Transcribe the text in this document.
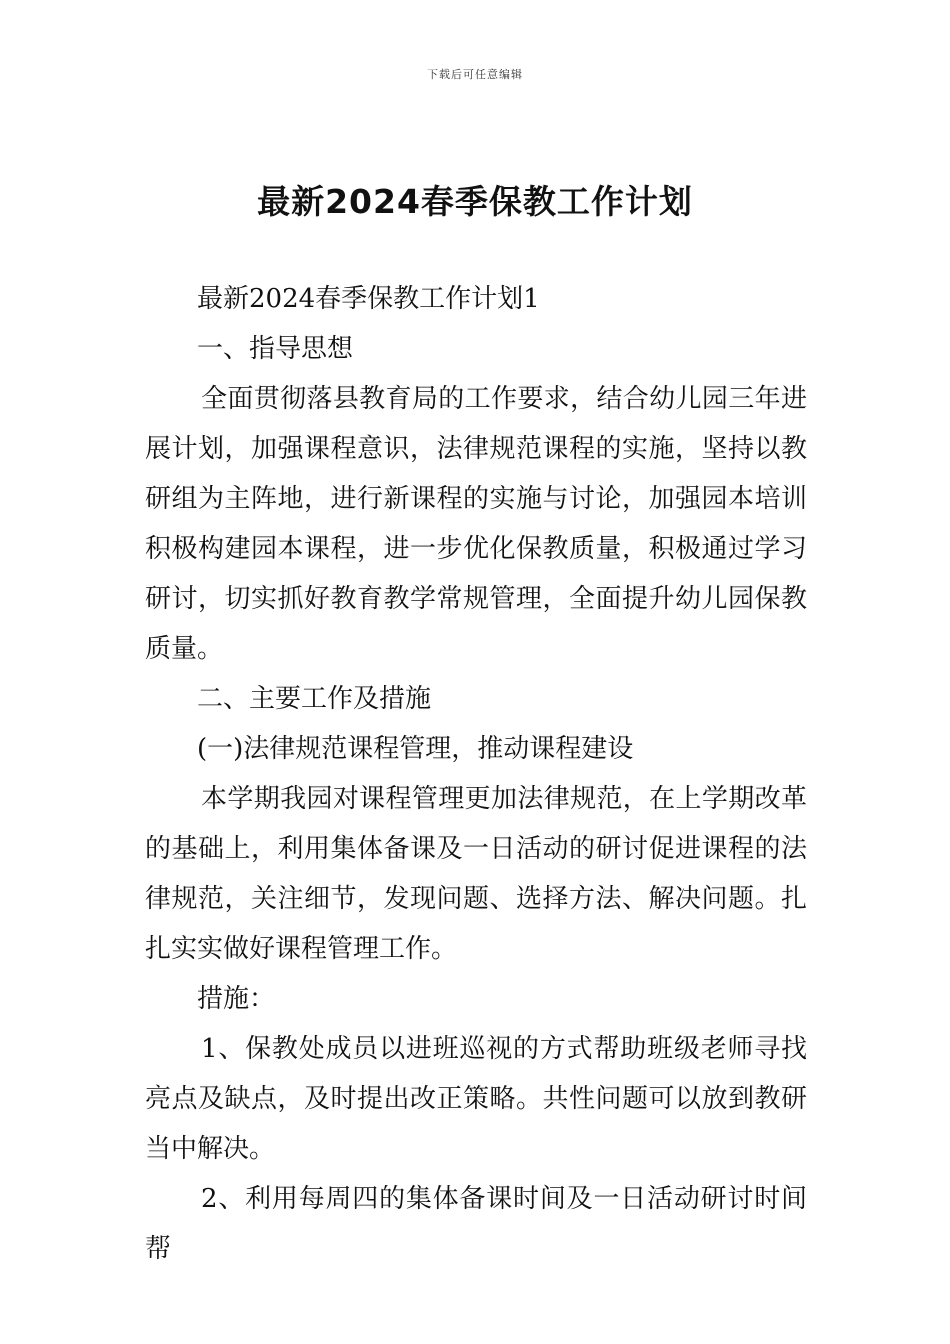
下载后可任意编辑
最新2024春季保教工作计划

最新2024春季保教工作计划1

一、指导思想

全面贯彻落县教育局的工作要求，结合幼儿园三年进展计划，加强课程意识，法律规范课程的实施，坚持以教研组为主阵地，进行新课程的实施与讨论，加强园本培训积极构建园本课程，进一步优化保教质量，积极通过学习研讨，切实抓好教育教学常规管理，全面提升幼儿园保教质量。

二、主要工作及措施

(一)法律规范课程管理，推动课程建设

本学期我园对课程管理更加法律规范，在上学期改革的基础上，利用集体备课及一日活动的研讨促进课程的法律规范，关注细节，发现问题、选择方法、解决问题。扎扎实实做好课程管理工作。

措施：

1、保教处成员以进班巡视的方式帮助班级老师寻找亮点及缺点，及时提出改正策略。共性问题可以放到教研当中解决。

2、利用每周四的集体备课时间及一日活动研讨时间帮
